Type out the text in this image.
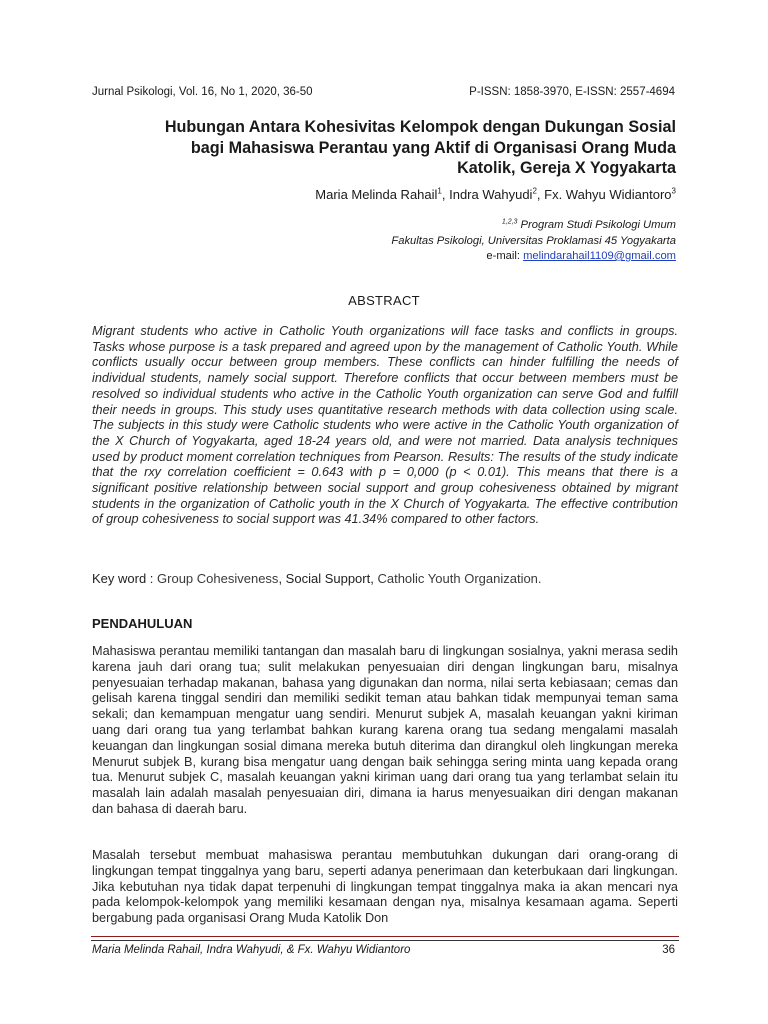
Jurnal Psikologi, Vol. 16, No 1, 2020, 36-50	P-ISSN: 1858-3970, E-ISSN: 2557-4694
Hubungan Antara Kohesivitas Kelompok dengan Dukungan Sosial
bagi Mahasiswa Perantau yang Aktif di Organisasi Orang Muda
Katolik, Gereja X Yogyakarta
Maria Melinda Rahail$^1$, Indra Wahyudi$^2$, Fx. Wahyu Widiantoro$^3$
$^{1,2,3}$ Program Studi Psikologi Umum
Fakultas Psikologi, Universitas Proklamasi 45 Yogyakarta
e-mail: melindarahail1109@gmail.com
ABSTRACT
Migrant students who active in Catholic Youth organizations will face tasks and conflicts in groups. Tasks whose purpose is a task prepared and agreed upon by the management of Catholic Youth. While conflicts usually occur between group members. These conflicts can hinder fulfilling the needs of individual students, namely social support. Therefore conflicts that occur between members must be resolved so individual students who active in the Catholic Youth organization can serve God and fulfill their needs in groups. This study uses quantitative research methods with data collection using scale. The subjects in this study were Catholic students who were active in the Catholic Youth organization of the X Church of Yogyakarta, aged 18-24 years old, and were not married. Data analysis techniques used by product moment correlation techniques from Pearson. Results: The results of the study indicate that the rxy correlation coefficient = 0.643 with p = 0,000 (p < 0.01). This means that there is a significant positive relationship between social support and group cohesiveness obtained by migrant students in the organization of Catholic youth in the X Church of Yogyakarta. The effective contribution of group cohesiveness to social support was 41.34% compared to other factors.
Key word : Group Cohesiveness, Social Support, Catholic Youth Organization.
PENDAHULUAN
Mahasiswa perantau memiliki tantangan dan masalah baru di lingkungan sosialnya, yakni merasa sedih karena jauh dari orang tua; sulit melakukan penyesuaian diri dengan lingkungan baru, misalnya penyesuaian terhadap makanan, bahasa yang digunakan dan norma, nilai serta kebiasaan; cemas dan gelisah karena tinggal sendiri dan memiliki sedikit teman atau bahkan tidak mempunyai teman sama sekali; dan kemampuan mengatur uang sendiri. Menurut subjek A, masalah keuangan yakni kiriman uang dari orang tua yang terlambat bahkan kurang karena orang tua sedang mengalami masalah keuangan dan lingkungan sosial dimana mereka butuh diterima dan dirangkul oleh lingkungan mereka Menurut subjek B, kurang bisa mengatur uang dengan baik sehingga sering minta uang kepada orang tua. Menurut subjek C, masalah keuangan yakni kiriman uang dari orang tua yang terlambat selain itu masalah lain adalah masalah penyesuaian diri, dimana ia harus menyesuaikan diri dengan makanan dan bahasa di daerah baru.
Masalah tersebut membuat mahasiswa perantau membutuhkan dukungan dari orang-orang di lingkungan tempat tinggalnya yang baru, seperti adanya penerimaan dan keterbukaan dari lingkungan. Jika kebutuhan nya tidak dapat terpenuhi di lingkungan tempat tinggalnya maka ia akan mencari nya pada kelompok-kelompok yang memiliki kesamaan dengan nya, misalnya kesamaan agama. Seperti bergabung pada organisasi Orang Muda Katolik Don
Maria Melinda Rahail, Indra Wahyudi, & Fx. Wahyu Widiantoro	36
